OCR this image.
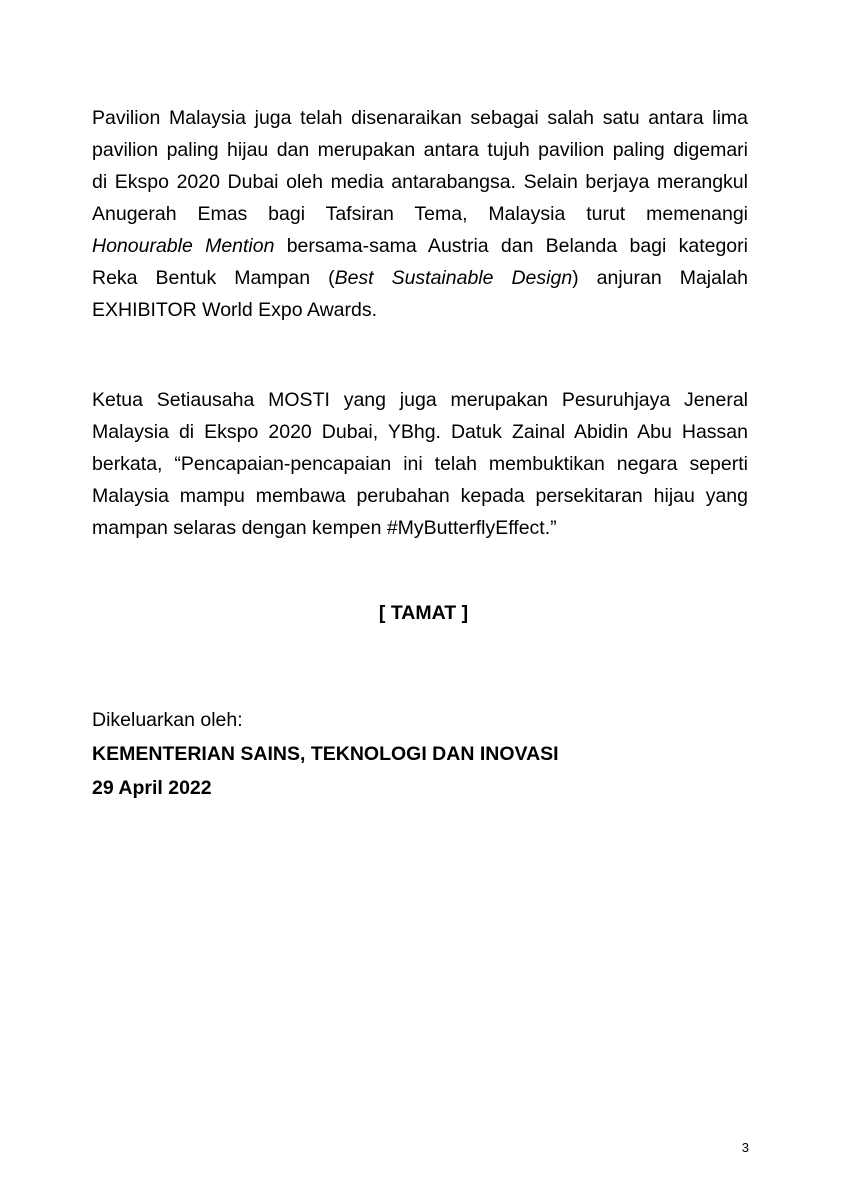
Pavilion Malaysia juga telah disenaraikan sebagai salah satu antara lima
pavilion paling hijau dan merupakan antara tujuh pavilion paling digemari
di Ekspo 2020 Dubai oleh media antarabangsa. Selain berjaya merangkul
Anugerah Emas bagi Tafsiran Tema, Malaysia turut memenangi
Honourable Mention bersama-sama Austria dan Belanda bagi kategori
Reka Bentuk Mampan (Best Sustainable Design) anjuran Majalah
EXHIBITOR World Expo Awards.
Ketua Setiausaha MOSTI yang juga merupakan Pesuruhjaya Jeneral
Malaysia di Ekspo 2020 Dubai, YBhg. Datuk Zainal Abidin Abu Hassan
berkata, “Pencapaian-pencapaian ini telah membuktikan negara seperti
Malaysia mampu membawa perubahan kepada persekitaran hijau yang
mampan selaras dengan kempen #MyButterflyEffect.”
[ TAMAT ]
Dikeluarkan oleh:
KEMENTERIAN SAINS, TEKNOLOGI DAN INOVASI
29 April 2022
3
